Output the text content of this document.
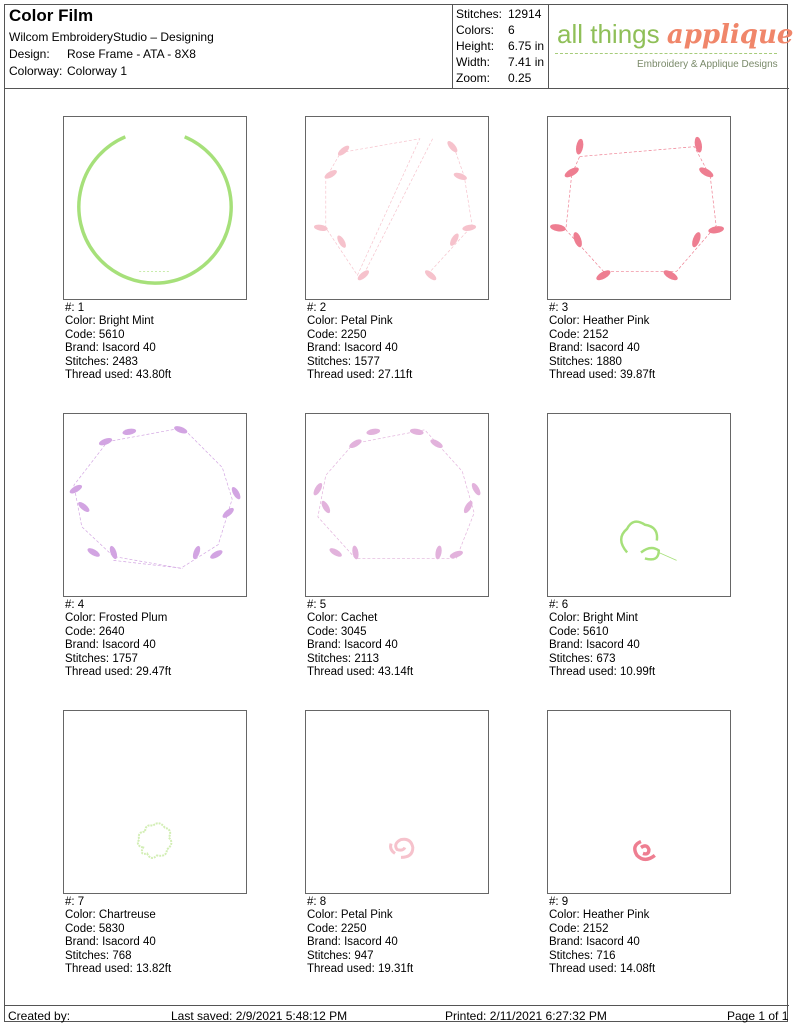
Color Film
Wilcom EmbroideryStudio – Designing
Design: Rose Frame - ATA - 8X8
Colorway: Colorway 1
Stitches: 12914
Colors: 6
Height: 6.75 in
Width: 7.41 in
Zoom: 0.25
all things applique
Embroidery & Applique Designs
#: 1
Color: Bright Mint
Code: 5610
Brand: Isacord 40
Stitches: 2483
Thread used: 43.80ft
#: 2
Color: Petal Pink
Code: 2250
Brand: Isacord 40
Stitches: 1577
Thread used: 27.11ft
#: 3
Color: Heather Pink
Code: 2152
Brand: Isacord 40
Stitches: 1880
Thread used: 39.87ft
#: 4
Color: Frosted Plum
Code: 2640
Brand: Isacord 40
Stitches: 1757
Thread used: 29.47ft
#: 5
Color: Cachet
Code: 3045
Brand: Isacord 40
Stitches: 2113
Thread used: 43.14ft
#: 6
Color: Bright Mint
Code: 5610
Brand: Isacord 40
Stitches: 673
Thread used: 10.99ft
#: 7
Color: Chartreuse
Code: 5830
Brand: Isacord 40
Stitches: 768
Thread used: 13.82ft
#: 8
Color: Petal Pink
Code: 2250
Brand: Isacord 40
Stitches: 947
Thread used: 19.31ft
#: 9
Color: Heather Pink
Code: 2152
Brand: Isacord 40
Stitches: 716
Thread used: 14.08ft
Created by:	Last saved: 2/9/2021 5:48:12 PM	Printed: 2/11/2021 6:27:32 PM	Page 1 of 1
